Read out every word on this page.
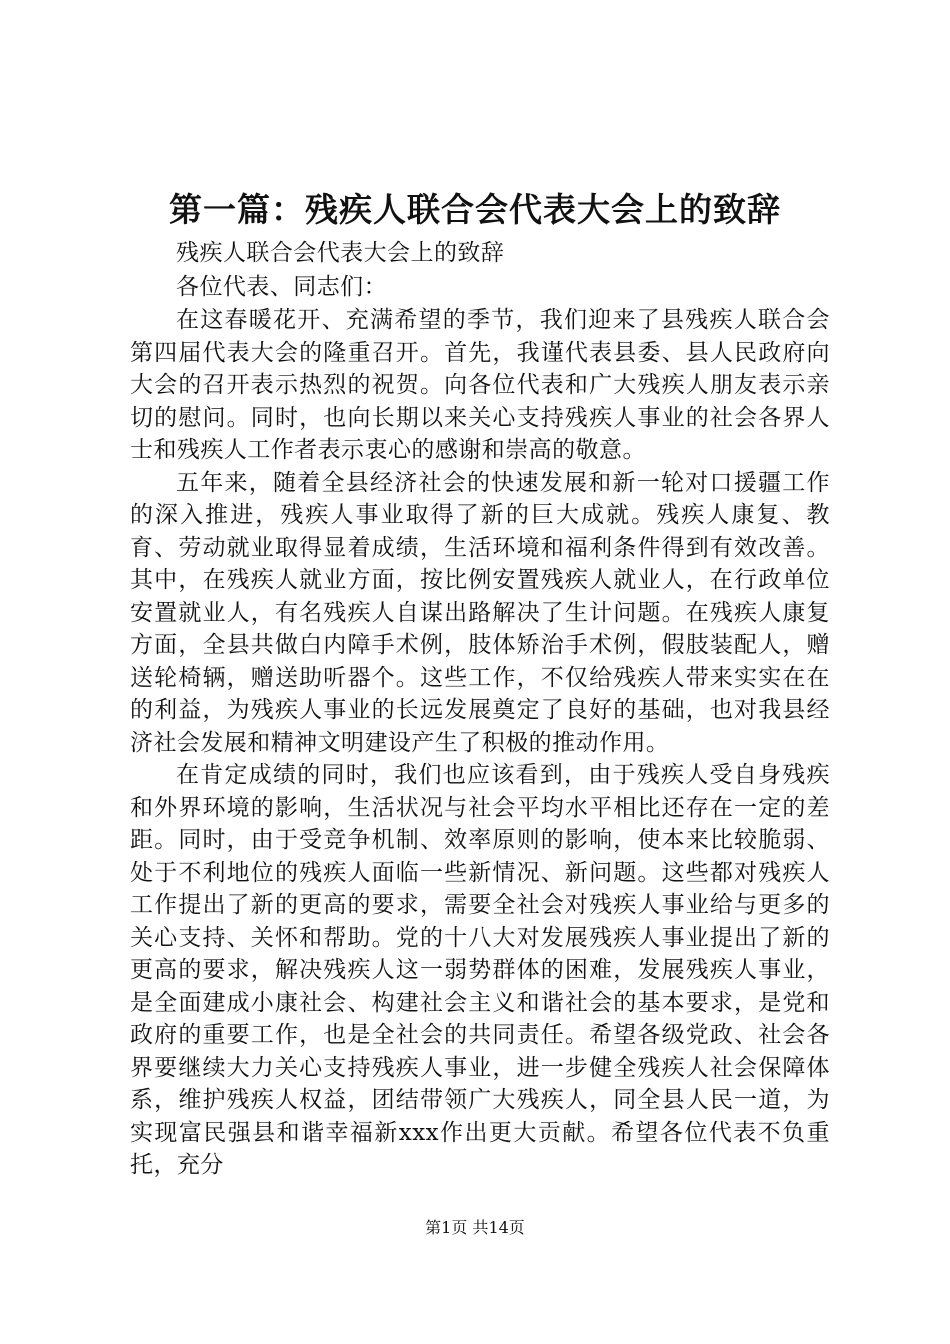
第一篇：残疾人联合会代表大会上的致辞

残疾人联合会代表大会上的致辞

各位代表、同志们：

在这春暖花开、充满希望的季节，我们迎来了县残疾人联合会第四届代表大会的隆重召开。首先，我谨代表县委、县人民政府向大会的召开表示热烈的祝贺。向各位代表和广大残疾人朋友表示亲切的慰问。同时，也向长期以来关心支持残疾人事业的社会各界人士和残疾人工作者表示衷心的感谢和崇高的敬意。

五年来，随着全县经济社会的快速发展和新一轮对口援疆工作的深入推进，残疾人事业取得了新的巨大成就。残疾人康复、教育、劳动就业取得显着成绩，生活环境和福利条件得到有效改善。其中，在残疾人就业方面，按比例安置残疾人就业人，在行政单位安置就业人，有名残疾人自谋出路解决了生计问题。在残疾人康复方面，全县共做白内障手术例，肢体矫治手术例，假肢装配人，赠送轮椅辆，赠送助听器个。这些工作，不仅给残疾人带来实实在在的利益，为残疾人事业的长远发展奠定了良好的基础，也对我县经济社会发展和精神文明建设产生了积极的推动作用。

在肯定成绩的同时，我们也应该看到，由于残疾人受自身残疾和外界环境的影响，生活状况与社会平均水平相比还存在一定的差距。同时，由于受竞争机制、效率原则的影响，使本来比较脆弱、处于不利地位的残疾人面临一些新情况、新问题。这些都对残疾人工作提出了新的更高的要求，需要全社会对残疾人事业给与更多的关心支持、关怀和帮助。党的十八大对发展残疾人事业提出了新的更高的要求，解决残疾人这一弱势群体的困难，发展残疾人事业，是全面建成小康社会、构建社会主义和谐社会的基本要求，是党和政府的重要工作，也是全社会的共同责任。希望各级党政、社会各界要继续大力关心支持残疾人事业，进一步健全残疾人社会保障体系，维护残疾人权益，团结带领广大残疾人，同全县人民一道，为实现富民强县和谐幸福新xxx作出更大贡献。希望各位代表不负重托，充分

第1页 共14页
